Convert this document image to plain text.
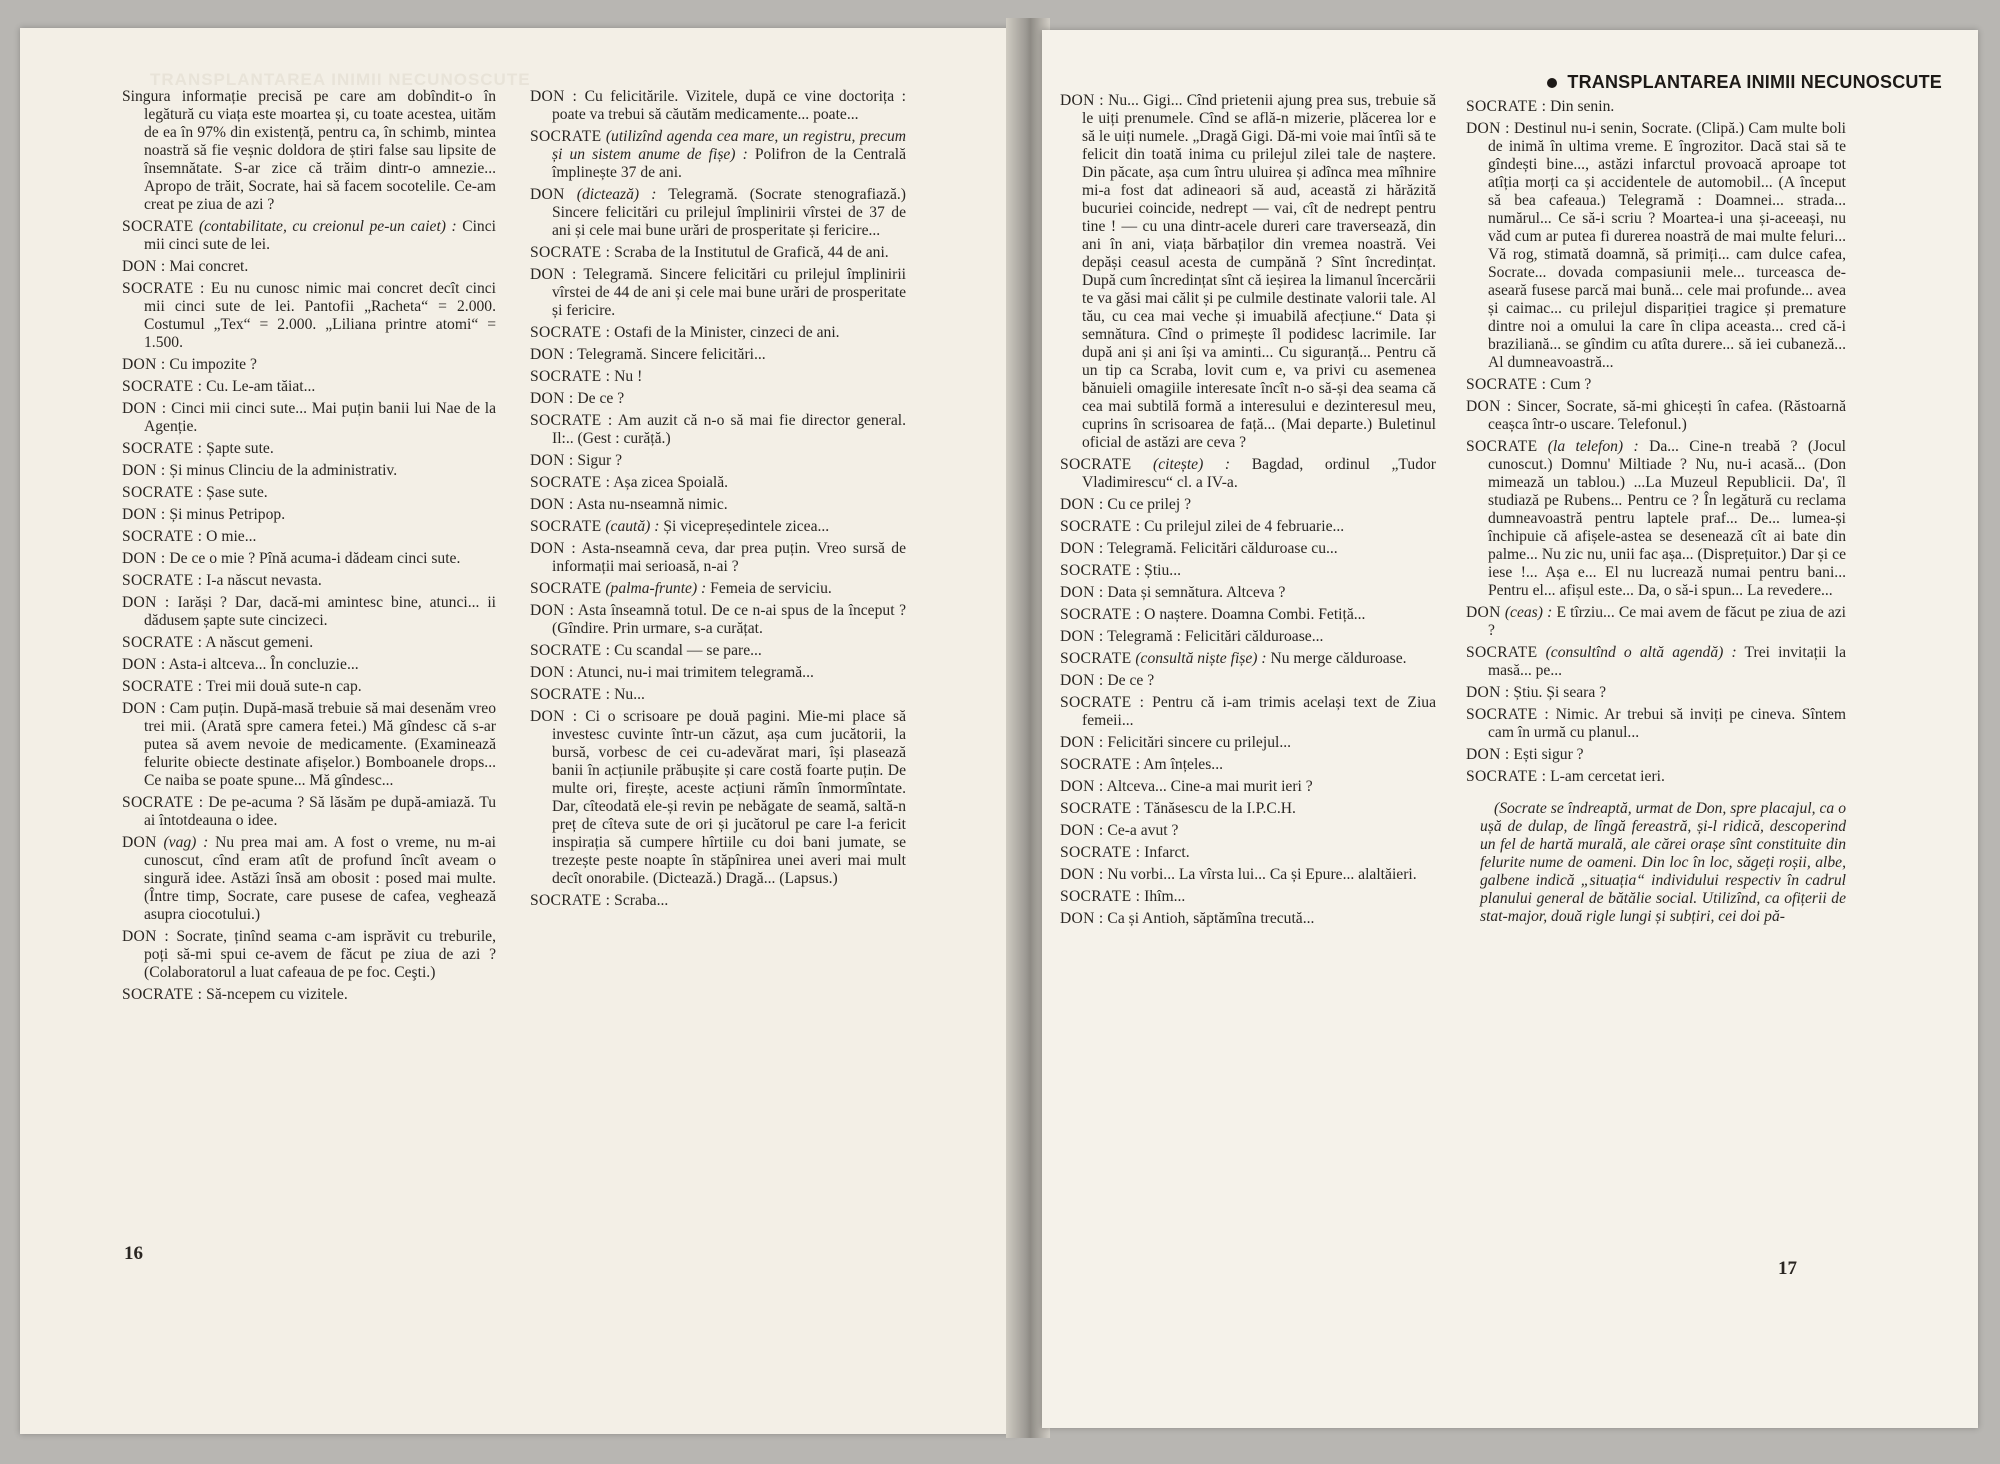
TRANSPLANTAREA INIMII NECUNOSCUTE	TRANSPLANTAREA INIMII NECUNOSCUTE

Singura informație precisă pe care am dobîndit-o în legătură cu viața este moartea și, cu toate acestea, uităm de ea în 97% din existență, pentru ca, în schimb, mintea noastră să fie veșnic doldora de știri false sau lipsite de însemnătate. S-ar zice că trăim dintr-o amnezie... Apropo de trăit, Socrate, hai să facem socotelile. Ce-am creat pe ziua de azi ?

SOCRATE (contabilitate, cu creionul pe-un caiet) : Cinci mii cinci sute de lei.

DON : Mai concret.

SOCRATE : Eu nu cunosc nimic mai concret decît cinci mii cinci sute de lei. Pantofii „Racheta“ = 2.000. Costumul „Tex“ = 2.000. „Liliana printre atomi“ = 1.500.

DON : Cu impozite ?

SOCRATE : Cu. Le-am tăiat...

DON : Cinci mii cinci sute... Mai puțin banii lui Nae de la Agenție.

SOCRATE : Șapte sute.

DON : Și minus Clinciu de la administrativ.

SOCRATE : Șase sute.

DON : Și minus Petripop.

SOCRATE : O mie...

DON : De ce o mie ? Pînă acuma-i dădeam cinci sute.

SOCRATE : I-a născut nevasta.

DON : Iarăși ? Dar, dacă-mi amintesc bine, atunci... ii dădusem șapte sute cincizeci.

SOCRATE : A născut gemeni.

DON : Asta-i altceva... În concluzie...

SOCRATE : Trei mii două sute-n cap.

DON : Cam puțin. După-masă trebuie să mai desenăm vreo trei mii. (Arată spre camera fetei.) Mă gîndesc că s-ar putea să avem nevoie de medicamente. (Examinează felurite obiecte destinate afișelor.) Bomboanele drops... Ce naiba se poate spune... Mă gîndesc...

SOCRATE : De pe-acuma ? Să lăsăm pe după-amiază. Tu ai întotdeauna o idee.

DON (vag) : Nu prea mai am. A fost o vreme, nu m-ai cunoscut, cînd eram atît de profund încît aveam o singură idee. Astăzi însă am obosit : posed mai multe. (Între timp, Socrate, care pusese de cafea, veghează asupra ciocotului.)

DON : Socrate, ținînd seama c-am isprăvit cu treburile, poți să-mi spui ce-avem de făcut pe ziua de azi ? (Colaboratorul a luat cafeaua de pe foc. Ceşti.)

SOCRATE : Să-ncepem cu vizitele.

DON : Cu felicitările. Vizitele, după ce vine doctorița : poate va trebui să căutăm medicamente... poate...

SOCRATE (utilizînd agenda cea mare, un registru, precum și un sistem anume de fișe) : Polifron de la Centrală împlinește 37 de ani.

DON (dictează) : Telegramă. (Socrate stenografiază.) Sincere felicitări cu prilejul împlinirii vîrstei de 37 de ani și cele mai bune urări de prosperitate și fericire...

SOCRATE : Scraba de la Institutul de Grafică, 44 de ani.

DON : Telegramă. Sincere felicitări cu prilejul împlinirii vîrstei de 44 de ani și cele mai bune urări de prosperitate și fericire.

SOCRATE : Ostafi de la Minister, cinzeci de ani.

DON : Telegramă. Sincere felicitări...

SOCRATE : Nu !

DON : De ce ?

SOCRATE : Am auzit că n-o să mai fie director general. Il:.. (Gest : curăță.)

DON : Sigur ?

SOCRATE : Așa zicea Spoială.

DON : Asta nu-nseamnă nimic.

SOCRATE (caută) : Și vicepreședintele zicea...

DON : Asta-nseamnă ceva, dar prea puțin. Vreo sursă de informații mai serioasă, n-ai ?

SOCRATE (palma-frunte) : Femeia de serviciu.

DON : Asta înseamnă totul. De ce n-ai spus de la început ? (Gîndire. Prin urmare, s-a curățat.

SOCRATE : Cu scandal — se pare...

DON : Atunci, nu-i mai trimitem telegramă...

SOCRATE : Nu...

DON : Ci o scrisoare pe două pagini. Mie-mi place să investesc cuvinte într-un căzut, așa cum jucătorii, la bursă, vorbesc de cei cu-adevărat mari, își plasează banii în acțiunile prăbușite și care costă foarte puțin. De multe ori, firește, aceste acțiuni rămîn înmormîntate. Dar, cîteodată ele-și revin pe nebăgate de seamă, saltă-n preț de cîteva sute de ori și jucătorul pe care l-a fericit inspirația să cumpere hîrtiile cu doi bani jumate, se trezește peste noapte în stăpînirea unei averi mai mult decît onorabile. (Dictează.) Dragă... (Lapsus.)

SOCRATE : Scraba...

DON : Nu... Gigi... Cînd prietenii ajung prea sus, trebuie să le uiți prenumele. Cînd se află-n mizerie, plăcerea lor e să le uiți numele. „Dragă Gigi. Dă-mi voie mai întîi să te felicit din toată inima cu prilejul zilei tale de naștere. Din păcate, așa cum întru uluirea și adînca mea mîhnire mi-a fost dat adineaori să aud, această zi hărăzită bucuriei coincide, nedrept — vai, cît de nedrept pentru tine ! — cu una dintr-acele dureri care traversează, din ani în ani, viața bărbaților din vremea noastră. Vei depăși ceasul acesta de cumpănă ? Sînt încredințat. După cum încredințat sînt că ieșirea la limanul încercării te va găsi mai călit și pe culmile destinate valorii tale. Al tău, cu cea mai veche și imuabilă afecțiune.“ Data și semnătura. Cînd o primește îl podidesc lacrimile. Iar după ani și ani își va aminti... Cu siguranță... Pentru că un tip ca Scraba, lovit cum e, va privi cu asemenea bănuieli omagiile interesate încît n-o să-și dea seama că cea mai subtilă formă a interesului e dezinteresul meu, cuprins în scrisoarea de față... (Mai departe.) Buletinul oficial de astăzi are ceva ?

SOCRATE (citește) : Bagdad, ordinul „Tudor Vladimirescu“ cl. a IV-a.

DON : Cu ce prilej ?

SOCRATE : Cu prilejul zilei de 4 februarie...

DON : Telegramă. Felicitări călduroase cu...

SOCRATE : Știu...

DON : Data și semnătura. Altceva ?

SOCRATE : O naștere. Doamna Combi. Fetiță...

DON : Telegramă : Felicitări călduroase...

SOCRATE (consultă niște fișe) : Nu merge călduroase.

DON : De ce ?

SOCRATE : Pentru că i-am trimis același text de Ziua femeii...

DON : Felicitări sincere cu prilejul...

SOCRATE : Am înțeles...

DON : Altceva... Cine-a mai murit ieri ?

SOCRATE : Tănăsescu de la I.P.C.H.

DON : Ce-a avut ?

SOCRATE : Infarct.

DON : Nu vorbi... La vîrsta lui... Ca și Epure... alaltăieri.

SOCRATE : Ihîm...

DON : Ca și Antioh, săptămîna trecută...

SOCRATE : Din senin.

DON : Destinul nu-i senin, Socrate. (Clipă.) Cam multe boli de inimă în ultima vreme. E îngrozitor. Dacă stai să te gîndești bine..., astăzi infarctul provoacă aproape tot atîția morți ca și accidentele de automobil... (A început să bea cafeaua.) Telegramă : Doamnei... strada... numărul... Ce să-i scriu ? Moartea-i una și-aceeași, nu văd cum ar putea fi durerea noastră de mai multe feluri... Vă rog, stimată doamnă, să primiți... cam dulce cafea, Socrate... dovada compasiunii mele... turceasca de-aseară fusese parcă mai bună... cele mai profunde... avea și caimac... cu prilejul dispariției tragice și premature dintre noi a omului la care în clipa aceasta... cred că-i braziliană... se gîndim cu atîta durere... să iei cubaneză... Al dumneavoastră...

SOCRATE : Cum ?

DON : Sincer, Socrate, să-mi ghicești în cafea. (Răstoarnă ceașca într-o uscare. Telefonul.)

SOCRATE (la telefon) : Da... Cine-n treabă ? (Jocul cunoscut.) Domnu' Miltiade ? Nu, nu-i acasă... (Don mimează un tablou.) ...La Muzeul Republicii. Da', îl studiază pe Rubens... Pentru ce ? În legătură cu reclama dumneavoastră pentru laptele praf... De... lumea-și închipuie că afișele-astea se desenează cît ai bate din palme... Nu zic nu, unii fac așa... (Disprețuitor.) Dar și ce iese !... Așa e... El nu lucrează numai pentru bani... Pentru el... afișul este... Da, o să-i spun... La revedere...

DON (ceas) : E tîrziu... Ce mai avem de făcut pe ziua de azi ?

SOCRATE (consultînd o altă agendă) : Trei invitații la masă... pe...

DON : Știu. Și seara ?

SOCRATE : Nimic. Ar trebui să inviți pe cineva. Sîntem cam în urmă cu planul...

DON : Ești sigur ?

SOCRATE : L-am cercetat ieri.

(Socrate se îndreaptă, urmat de Don, spre placajul, ca o ușă de dulap, de lîngă fereastră, și-l ridică, descoperind un fel de hartă murală, ale cărei orașe sînt constituite din felurite nume de oameni. Din loc în loc, săgeți roșii, albe, galbene indică „situația“ individului respectiv în cadrul planului general de bătălie social. Utilizînd, ca ofițerii de stat-major, două rigle lungi și subțiri, cei doi pă-

16
17
